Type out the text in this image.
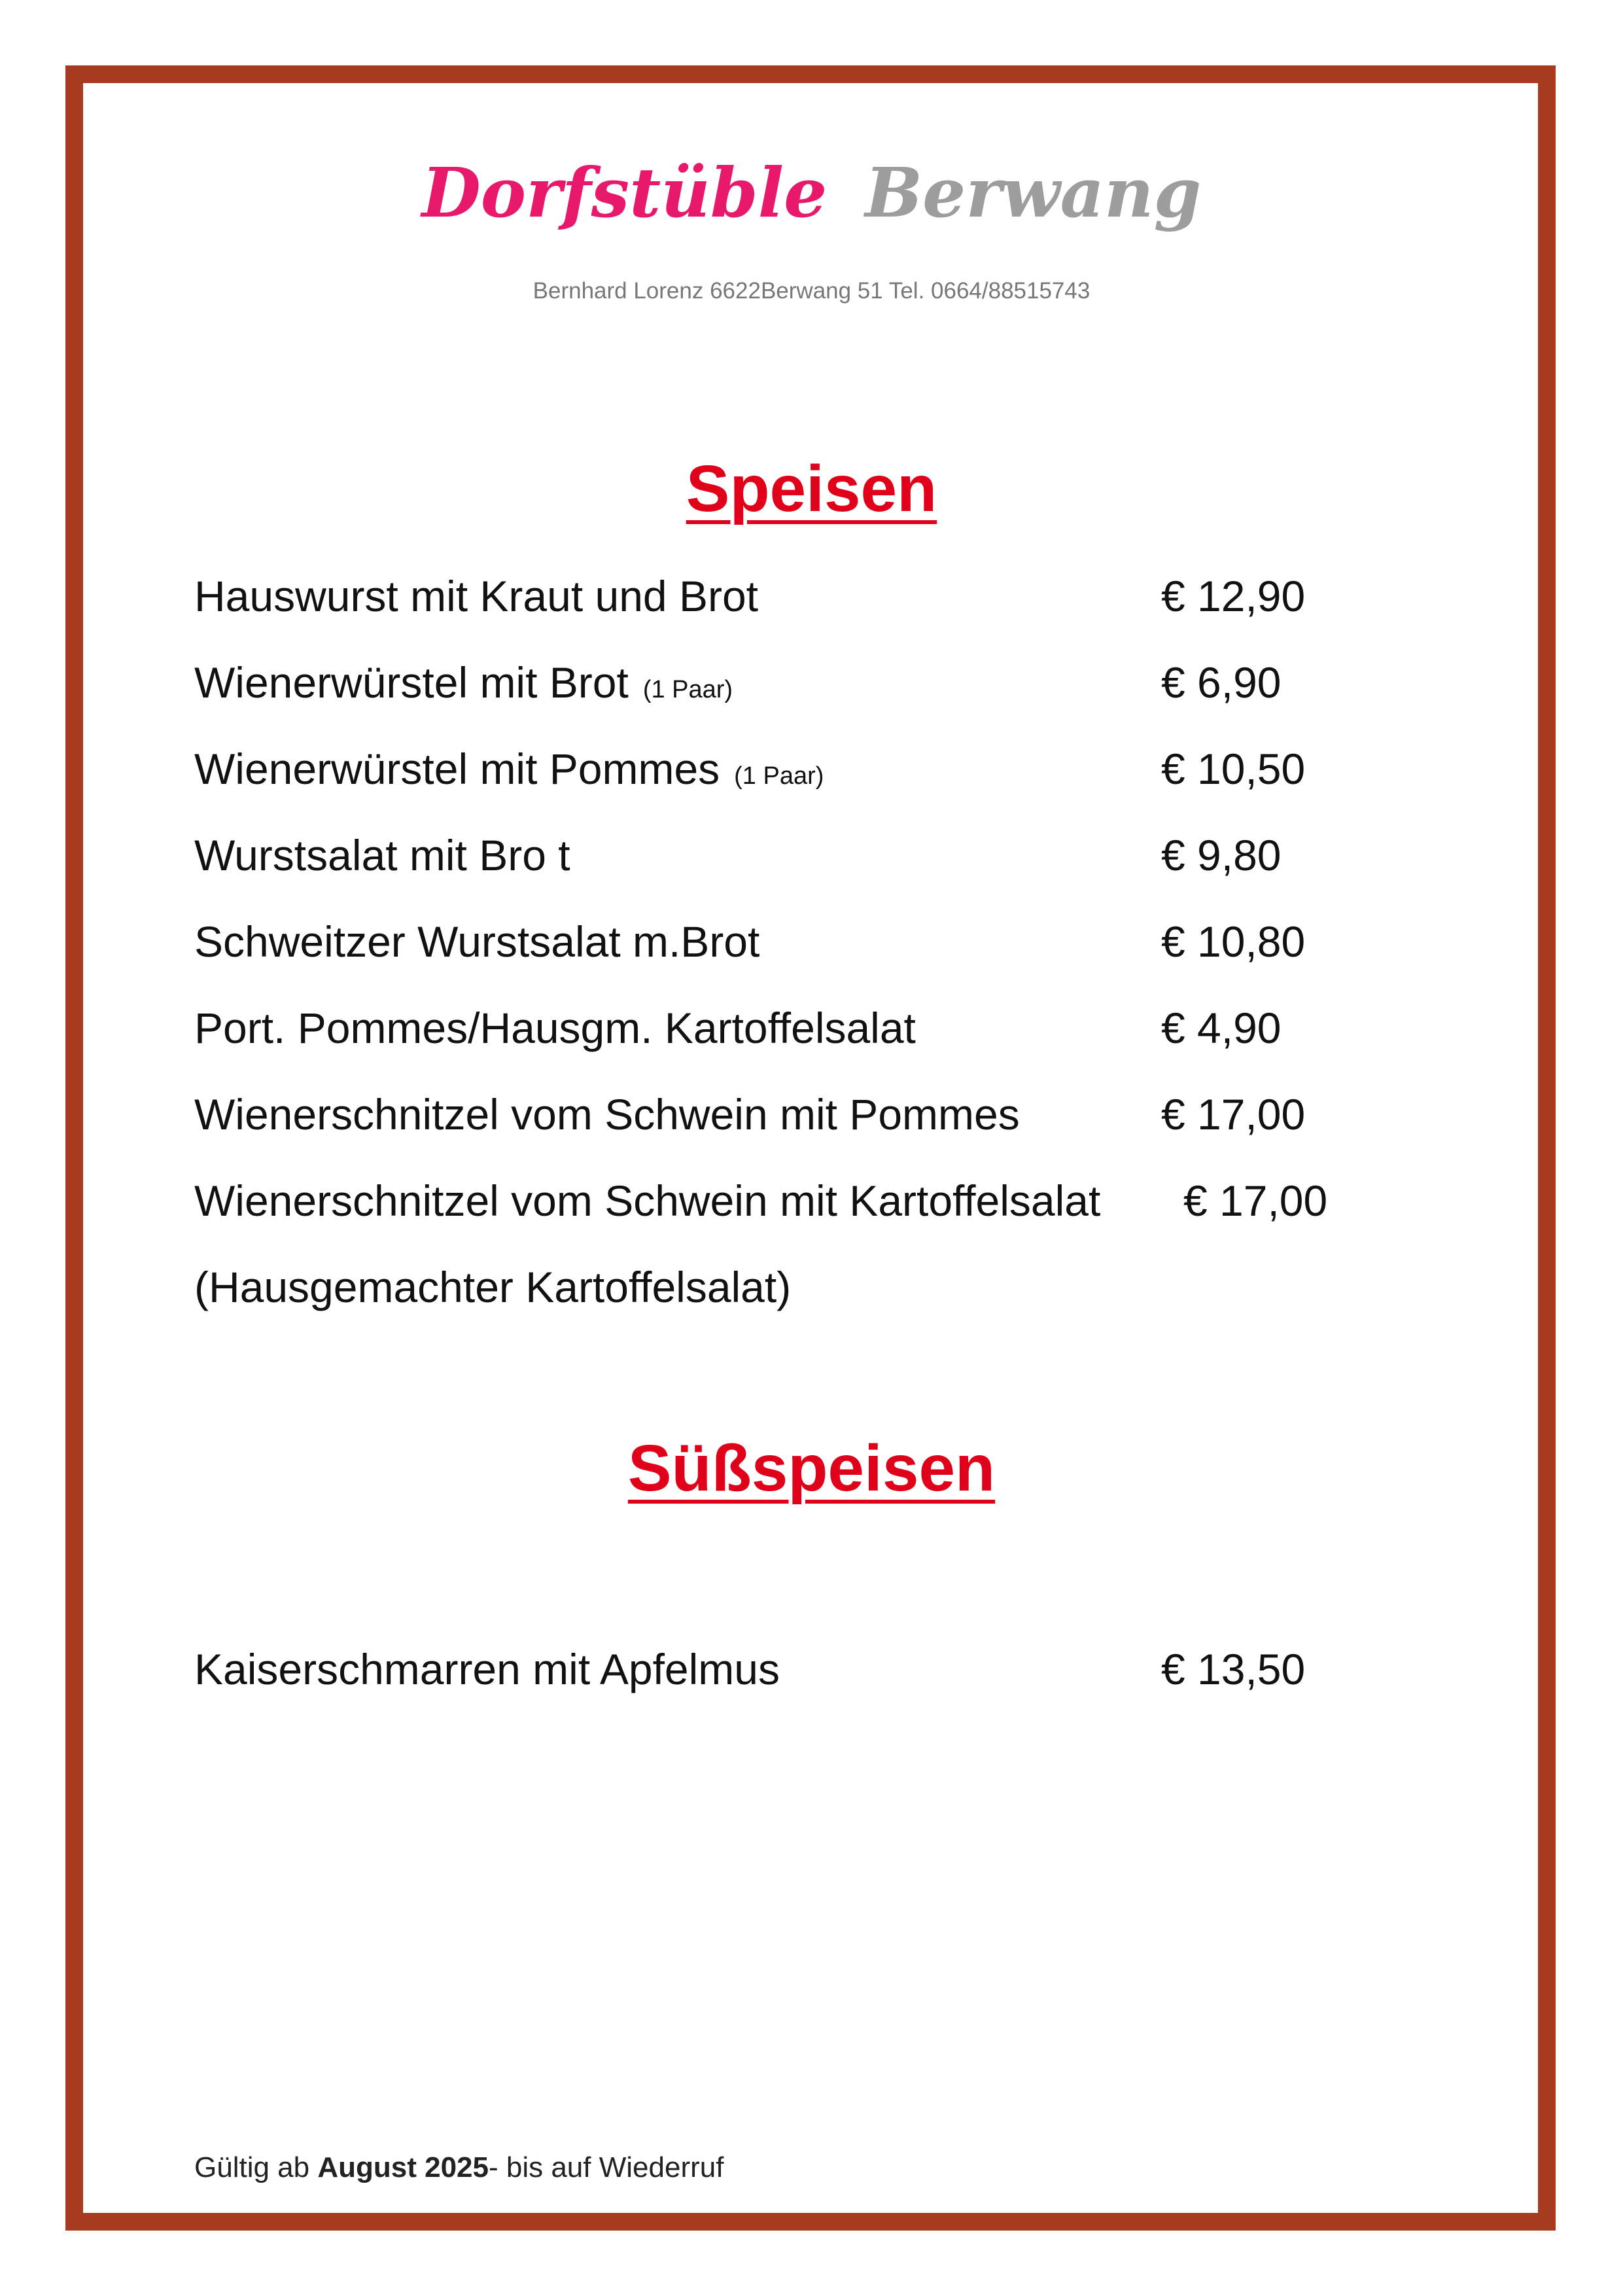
Dorfstüble Berwang
Bernhard Lorenz 6622Berwang 51 Tel. 0664/88515743
Speisen
Hauswurst mit Kraut und Brot	€ 12,90
Wienerwürstel mit Brot (1 Paar)	€ 6,90
Wienerwürstel mit Pommes (1 Paar)	€ 10,50
Wurstsalat mit Bro t	€ 9,80
Schweitzer Wurstsalat m.Brot	€ 10,80
Port. Pommes/Hausgm. Kartoffelsalat	€ 4,90
Wienerschnitzel vom Schwein mit Pommes	€ 17,00
Wienerschnitzel vom Schwein mit Kartoffelsalat € 17,00
(Hausgemachter Kartoffelsalat)
Süßspeisen
Kaiserschmarren mit Apfelmus	€ 13,50
Gültig ab August 2025- bis auf Wiederruf
